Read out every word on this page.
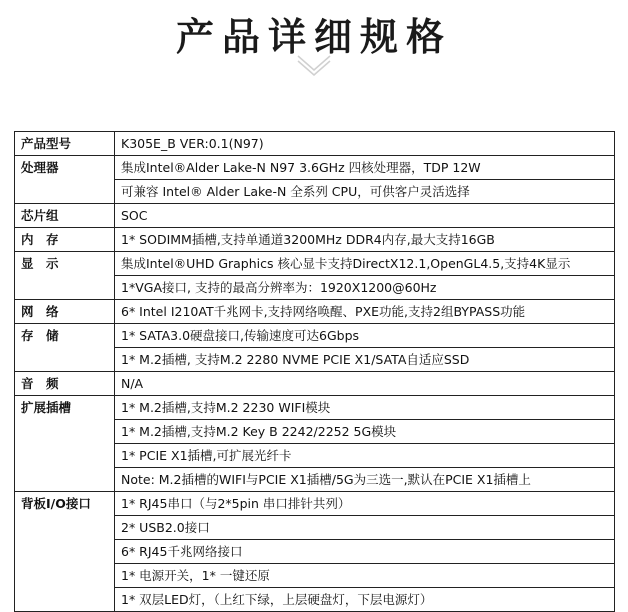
产品详细规格
产品型号	K305E_B VER:0.1(N97)
处理器	集成Intel®Alder Lake-N N97 3.6GHz 四核处理器，TDP 12W
	可兼容 Intel® Alder Lake-N 全系列 CPU，可供客户灵活选择
芯片组	SOC
内　存	1* SODIMM插槽,支持单通道3200MHz DDR4内存,最大支持16GB
显　示	集成Intel®UHD Graphics 核心显卡支持DirectX12.1,OpenGL4.5,支持4K显示
	1*VGA接口, 支持的最高分辨率为：1920X1200@60Hz
网　络	6* Intel I210AT千兆网卡,支持网络唤醒、PXE功能,支持2组BYPASS功能
存　储	1* SATA3.0硬盘接口,传输速度可达6Gbps
	1* M.2插槽, 支持M.2 2280 NVME PCIE X1/SATA自适应SSD
音　频	N/A
扩展插槽	1* M.2插槽,支持M.2 2230 WIFI模块
	1* M.2插槽,支持M.2 Key B 2242/2252 5G模块
	1* PCIE X1插槽,可扩展光纤卡
	Note: M.2插槽的WIFI与PCIE X1插槽/5G为三选一,默认在PCIE X1插槽上
背板I/O接口	1* RJ45串口（与2*5pin 串口排针共列）
	2* USB2.0接口
	6* RJ45千兆网络接口
	1* 电源开关，1* 一键还原
	1* 双层LED灯，（上红下绿，上层硬盘灯，下层电源灯）
